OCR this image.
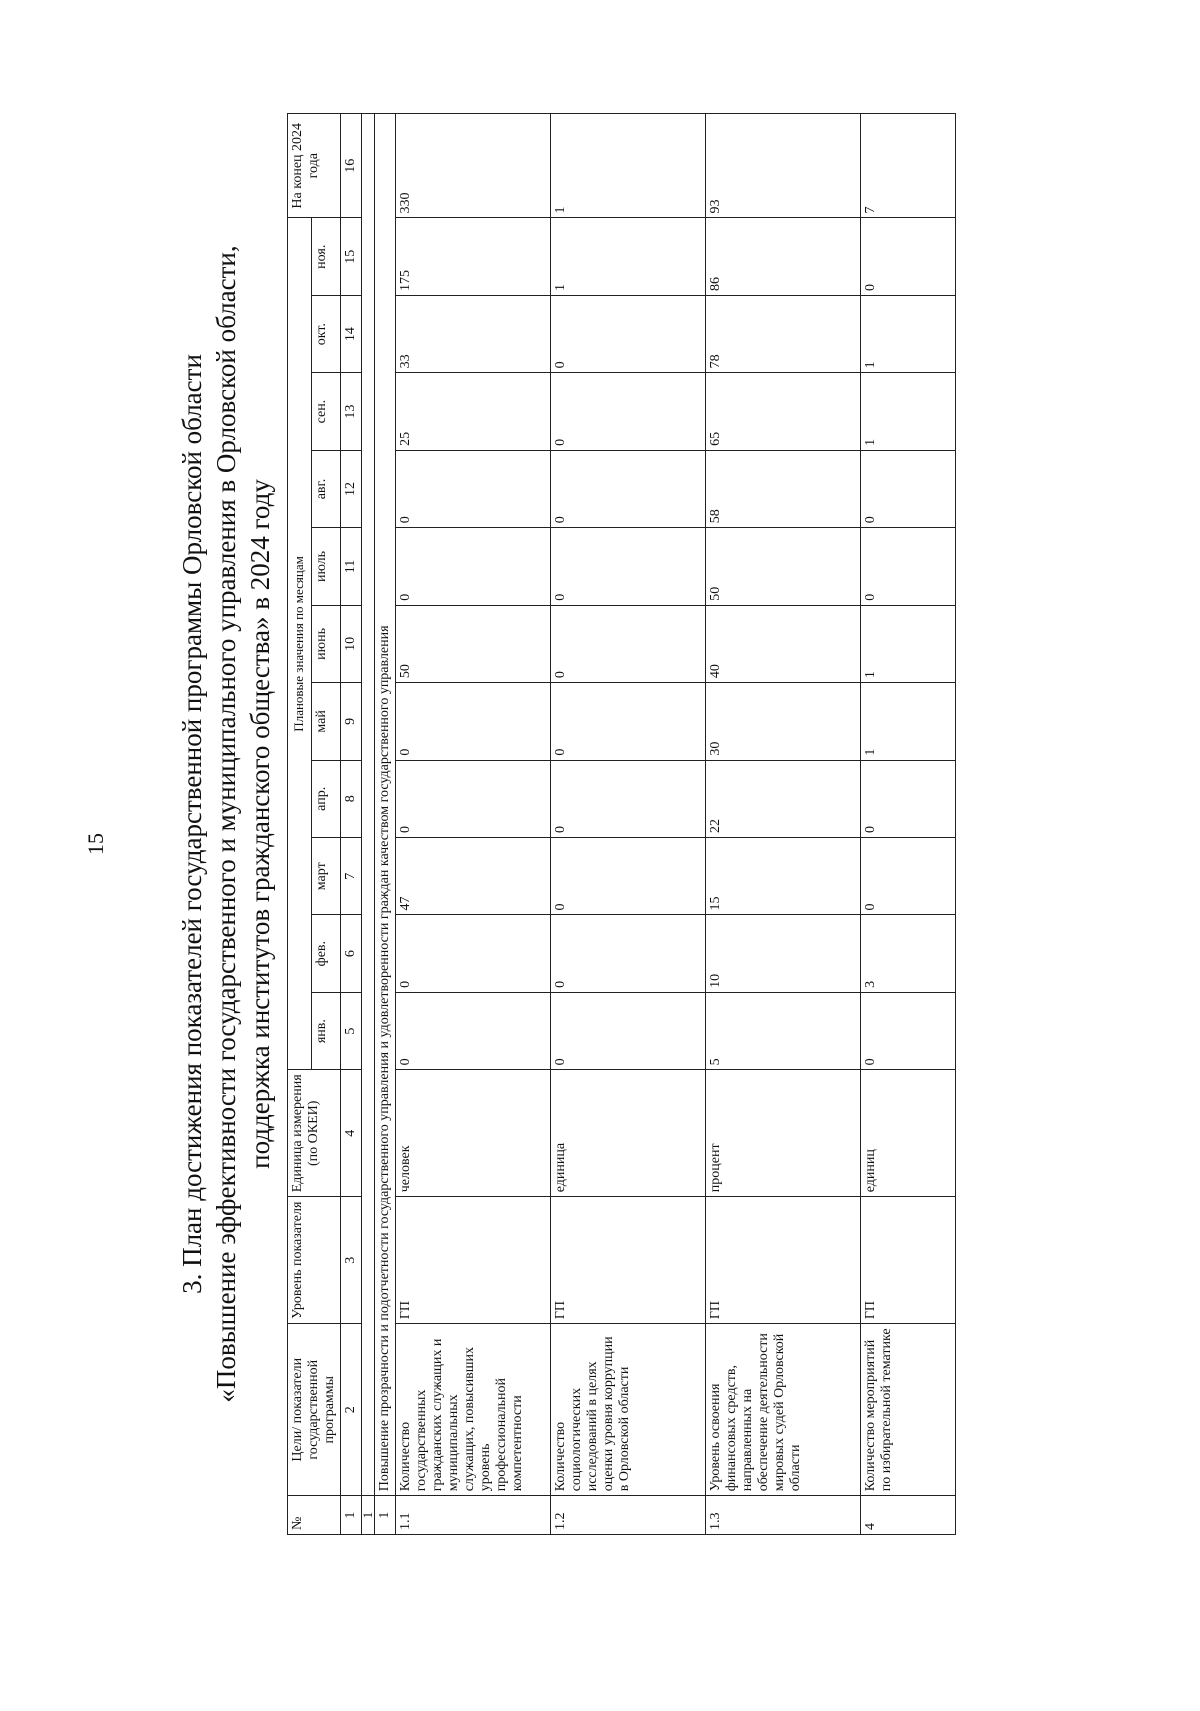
15	3. План достижения показателей государственной программы Орловской области «Повышение эффективности государственного и муниципального управления в Орловской области, поддержка институтов гражданского общества» в 2024 году
№	Цели/ показатели государственной программы	Уровень показателя	Единица измерения (по ОКЕИ)	Плановые значения по месяцам											На конец 2024 года
				янв.	фев.	март	апр.	май	июнь	июль	авг.	сен.	окт.	ноя.	
1	2	3	4	5	6	7	8	9	10	11	12	13	14	15	16
1															
1	Повышение прозрачности и подотчетности государственного управления и удовлетворенности граждан качеством государственного управления														
1.1	Количество государственных гражданских служащих и муниципальных служащих, повысивших уровень профессиональной компетентности	ГП	человек	0	0	47	0	0	50	0	0	25	33	175	330
1.2	Количество социологических исследований в целях оценки уровня коррупции в Орловской области	ГП	единица	0	0	0	0	0	0	0	0	0	0	1	1
1.3	Уровень освоения финансовых средств, направленных на обеспечение деятельности мировых судей Орловской области	ГП	процент	5	10	15	22	30	40	50	58	65	78	86	93
4	Количество мероприятий по избирательной тематике	ГП	единиц	0	3	0	0	1	1	0	0	1	1	0	7
